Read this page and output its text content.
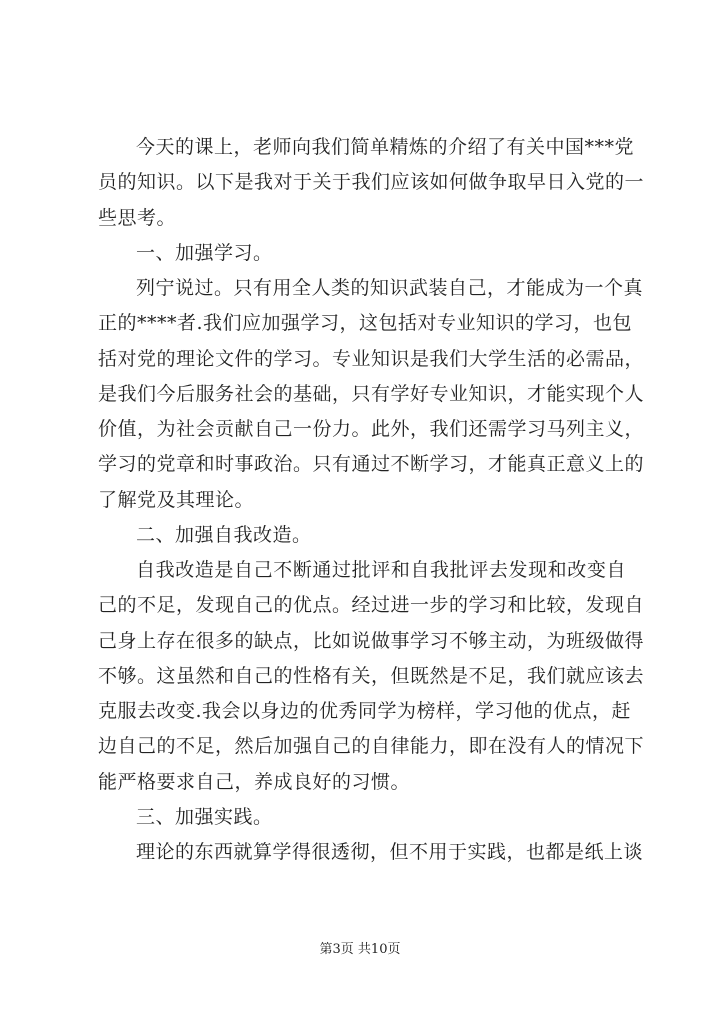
今天的课上，老师向我们简单精炼的介绍了有关中国***党
员的知识。以下是我对于关于我们应该如何做争取早日入党的一
些思考。
一、加强学习。
列宁说过。只有用全人类的知识武装自己，才能成为一个真
正的****者.我们应加强学习，这包括对专业知识的学习，也包
括对党的理论文件的学习。专业知识是我们大学生活的必需品，
是我们今后服务社会的基础，只有学好专业知识，才能实现个人
价值，为社会贡献自己一份力。此外，我们还需学习马列主义，
学习的党章和时事政治。只有通过不断学习，才能真正意义上的
了解党及其理论。
二、加强自我改造。
自我改造是自己不断通过批评和自我批评去发现和改变自
己的不足，发现自己的优点。经过进一步的学习和比较，发现自
己身上存在很多的缺点，比如说做事学习不够主动，为班级做得
不够。这虽然和自己的性格有关，但既然是不足，我们就应该去
克服去改变.我会以身边的优秀同学为榜样，学习他的优点，赶
边自己的不足，然后加强自己的自律能力，即在没有人的情况下
能严格要求自己，养成良好的习惯。
三、加强实践。
理论的东西就算学得很透彻，但不用于实践，也都是纸上谈
第3页 共10页
